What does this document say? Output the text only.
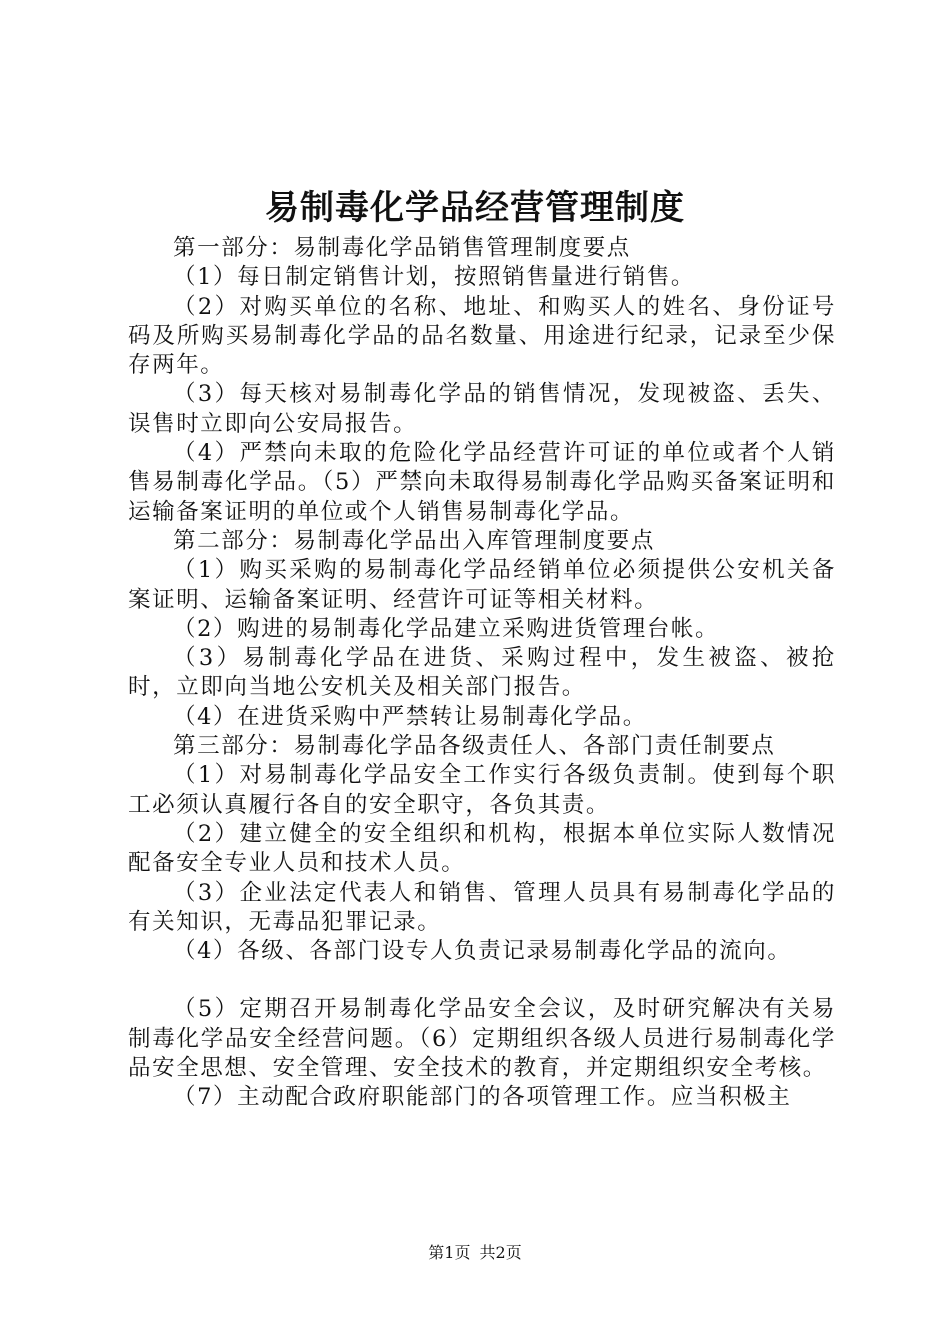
易制毒化学品经营管理制度

第一部分：易制毒化学品销售管理制度要点

（1）每日制定销售计划，按照销售量进行销售。

（2）对购买单位的名称、地址、和购买人的姓名、身份证号码及所购买易制毒化学品的品名数量、用途进行纪录，记录至少保存两年。

（3）每天核对易制毒化学品的销售情况，发现被盗、丢失、误售时立即向公安局报告。

（4）严禁向未取的危险化学品经营许可证的单位或者个人销售易制毒化学品。（5）严禁向未取得易制毒化学品购买备案证明和运输备案证明的单位或个人销售易制毒化学品。

第二部分：易制毒化学品出入库管理制度要点

（1）购买采购的易制毒化学品经销单位必须提供公安机关备案证明、运输备案证明、经营许可证等相关材料。

（2）购进的易制毒化学品建立采购进货管理台帐。

（3）易制毒化学品在进货、采购过程中，发生被盗、被抢时，立即向当地公安机关及相关部门报告。

（4）在进货采购中严禁转让易制毒化学品。

第三部分：易制毒化学品各级责任人、各部门责任制要点

（1）对易制毒化学品安全工作实行各级负责制。使到每个职工必须认真履行各自的安全职守，各负其责。

（2）建立健全的安全组织和机构，根据本单位实际人数情况配备安全专业人员和技术人员。

（3）企业法定代表人和销售、管理人员具有易制毒化学品的有关知识，无毒品犯罪记录。

（4）各级、各部门设专人负责记录易制毒化学品的流向。

（5）定期召开易制毒化学品安全会议，及时研究解决有关易制毒化学品安全经营问题。（6）定期组织各级人员进行易制毒化学品安全思想、安全管理、安全技术的教育，并定期组织安全考核。

（7）主动配合政府职能部门的各项管理工作。应当积极主

第1页 共2页
